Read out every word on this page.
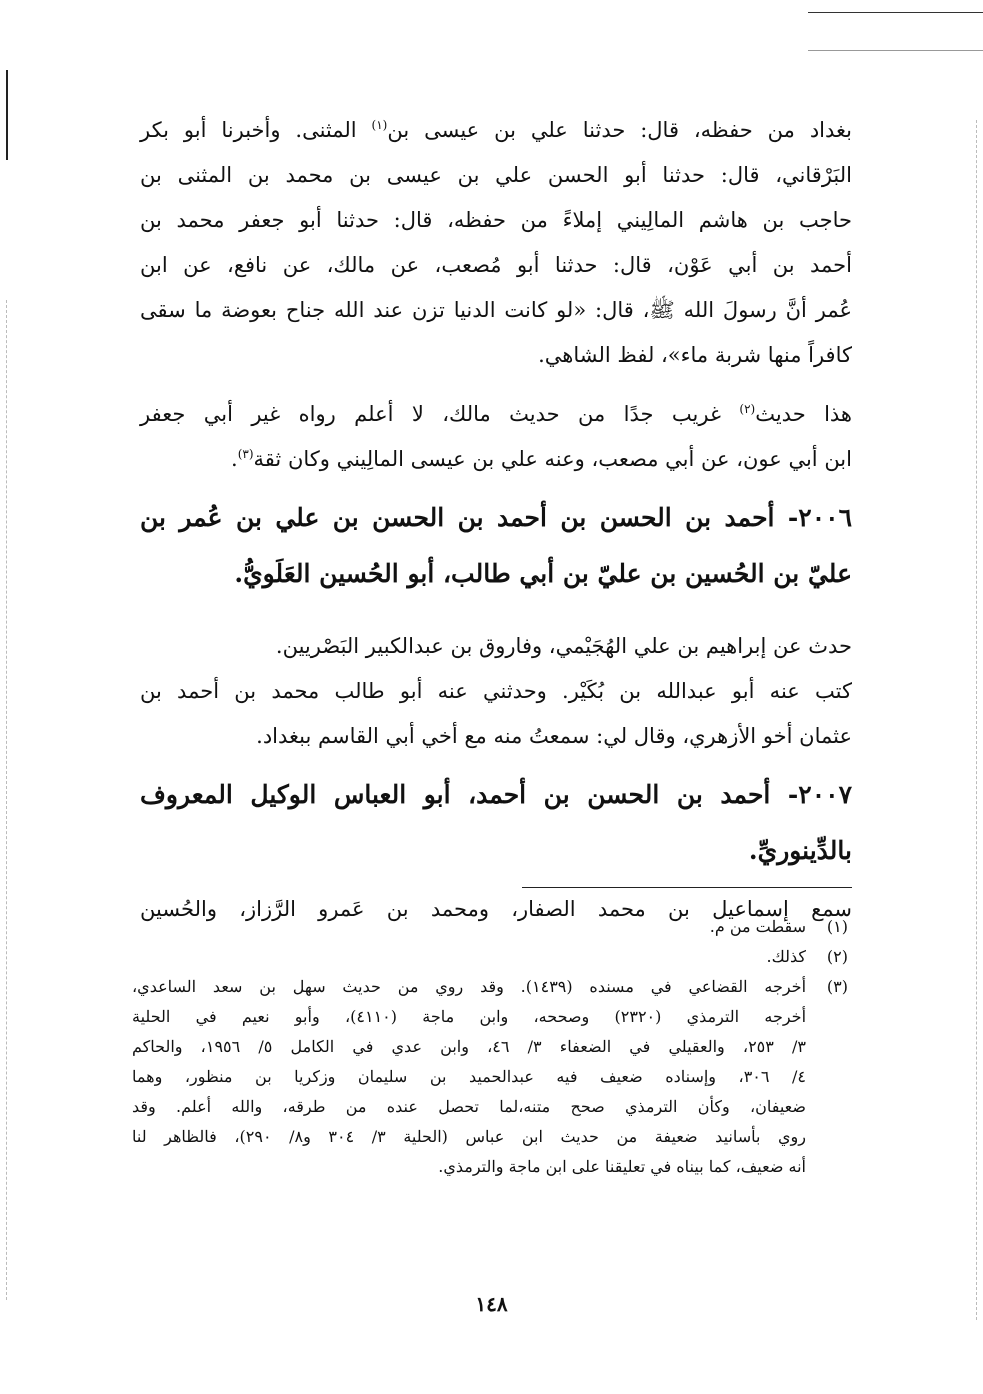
بغداد من حفظه، قال: حدثنا علي بن عيسى بن$^{(١)}$ المثنى. وأخبرنا أبو بكر
البَرْقاني، قال: حدثنا أبو الحسن علي بن عيسى بن محمد بن المثنى بن
حاجب بن هاشم المالِيني إملاءً من حفظه، قال: حدثنا أبو جعفر محمد بن
أحمد بن أبي عَوْن، قال: حدثنا أبو مُصعب، عن مالك، عن نافع، عن ابن
عُمر أنَّ رسولَ الله ﷺ، قال: «لو كانت الدنيا تزن عند الله جناح بعوضة ما سقى
كافراً منها شربة ماء»، لفظ الشاهي.

هذا حديث$^{(٢)}$ غريب جدًا من حديث مالك، لا أعلم رواه غير أبي جعفر
ابن أبي عون، عن أبي مصعب، وعنه علي بن عيسى المالِيني وكان ثقة$^{(٣)}$.

٢٠٠٦- أحمد بن الحسن بن أحمد بن الحسن بن علي بن عُمر بن
عليّ بن الحُسين بن عليّ بن أبي طالب، أبو الحُسين العَلَويُّ.

حدث عن إبراهيم بن علي الهُجَيْمي، وفاروق بن عبدالكبير البَصْريين.
كتب عنه أبو عبدالله بن بُكَيْر. وحدثني عنه أبو طالب محمد بن أحمد بن
عثمان أخو الأزهري، وقال لي: سمعتُ منه مع أخي أبي القاسم ببغداد.

٢٠٠٧- أحمد بن الحسن بن أحمد، أبو العباس الوكيل المعروف
بالدِّينوريِّ.

سمع إسماعيل بن محمد الصفار، ومحمد بن عَمرو الرَّزاز، والحُسين

(١)
سقطت من م.
(٢)
كذلك.
(٣)
أخرجه القضاعي في مسنده (١٤٣٩). وقد روي من حديث سهل بن سعد الساعدي،
أخرجه الترمذي (٢٣٢٠) وصححه، وابن ماجة (٤١١٠)، وأبو نعيم في الحلية
٣/ ٢٥٣، والعقيلي في الضعفاء ٣/ ٤٦، وابن عدي في الكامل ٥/ ١٩٥٦، والحاكم
٤/ ٣٠٦، وإسناده ضعيف فيه عبدالحميد بن سليمان وزكريا بن منظور، وهما
ضعيفان، وكأن الترمذي صحح متنه،لما تحصل عنده من طرقه، والله أعلم. وقد
روي بأسانيد ضعيفة من حديث ابن عباس (الحلية ٣/ ٣٠٤ و٨/ ٢٩٠)، فالظاهر لنا
أنه ضعيف، كما بيناه في تعليقنا على ابن ماجة والترمذي.
١٤٨
